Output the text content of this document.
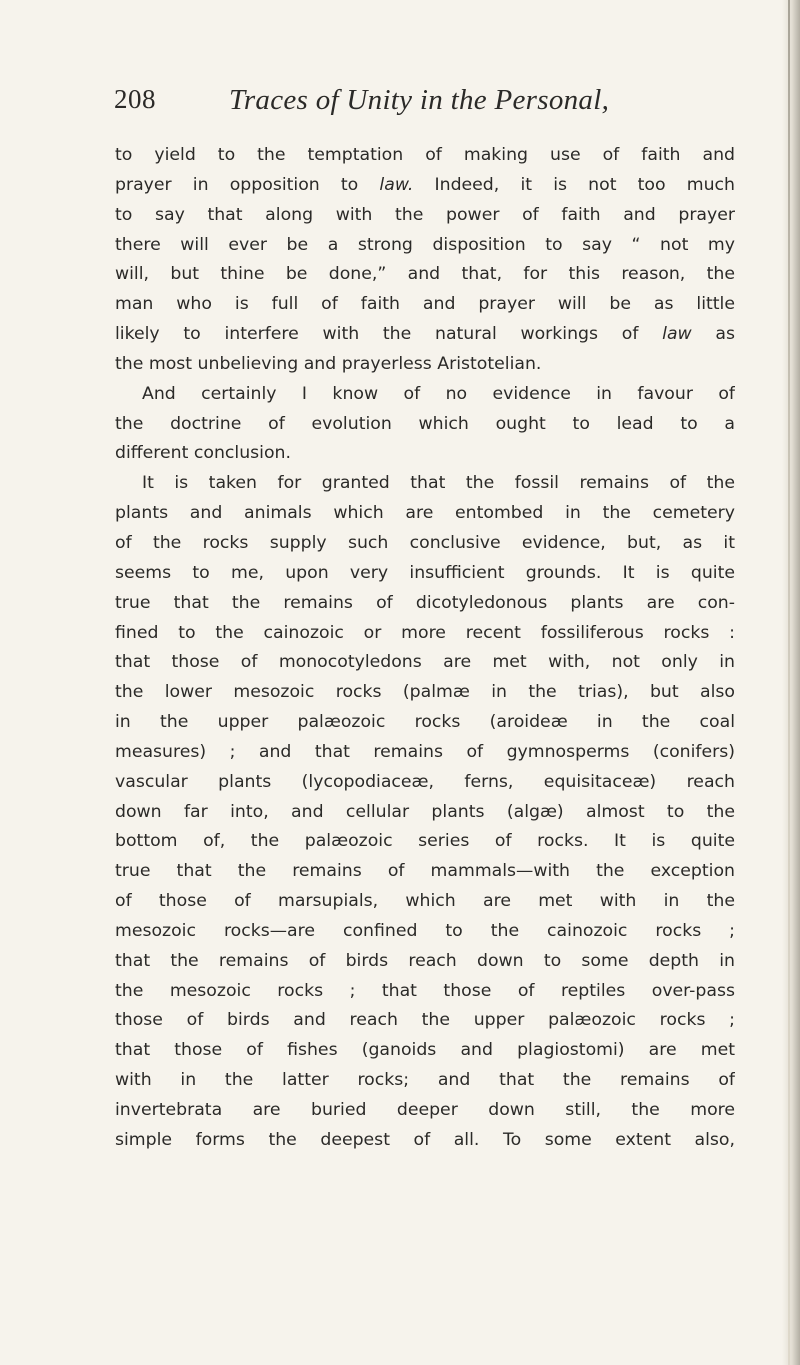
208	Traces of Unity in the Personal,
to yield to the temptation of making use of faith and
prayer in opposition to law. Indeed, it is not too much
to say that along with the power of faith and prayer
there will ever be a strong disposition to say “ not my
will, but thine be done,” and that, for this reason, the
man who is full of faith and prayer will be as little
likely to interfere with the natural workings of law as
the most unbelieving and prayerless Aristotelian.
And certainly I know of no evidence in favour of
the doctrine of evolution which ought to lead to a
different conclusion.
It is taken for granted that the fossil remains of the
plants and animals which are entombed in the cemetery
of the rocks supply such conclusive evidence, but, as it
seems to me, upon very insufficient grounds. It is quite
true that the remains of dicotyledonous plants are con-
fined to the cainozoic or more recent fossiliferous rocks :
that those of monocotyledons are met with, not only in
the lower mesozoic rocks (palmæ in the trias), but also
in the upper palæozoic rocks (aroideæ in the coal
measures) ; and that remains of gymnosperms (conifers)
vascular plants (lycopodiaceæ, ferns, equisitaceæ) reach
down far into, and cellular plants (algæ) almost to the
bottom of, the palæozoic series of rocks. It is quite
true that the remains of mammals—with the exception
of those of marsupials, which are met with in the
mesozoic rocks—are confined to the cainozoic rocks ;
that the remains of birds reach down to some depth in
the mesozoic rocks ; that those of reptiles over-pass
those of birds and reach the upper palæozoic rocks ;
that those of fishes (ganoids and plagiostomi) are met
with in the latter rocks; and that the remains of
invertebrata are buried deeper down still, the more
simple forms the deepest of all. To some extent also,
